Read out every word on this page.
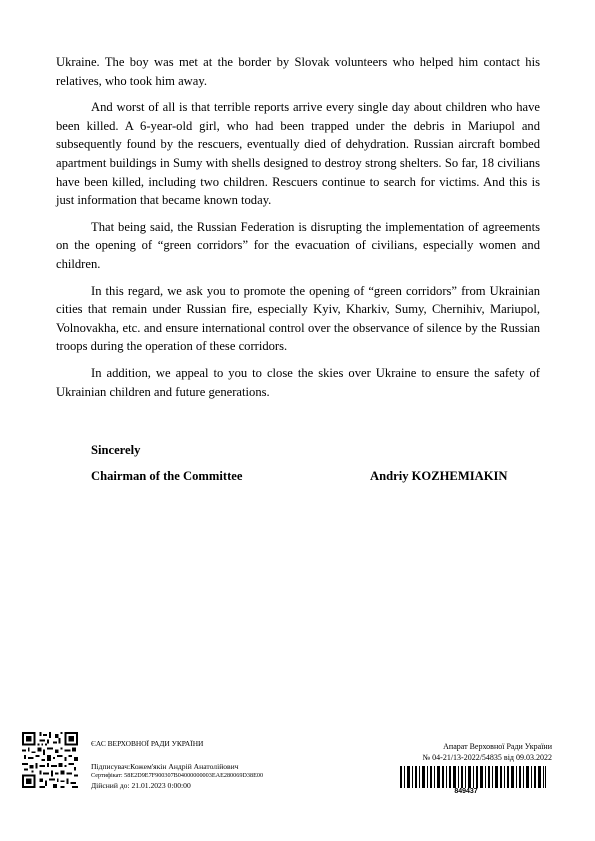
Ukraine. The boy was met at the border by Slovak volunteers who helped him contact his relatives, who took him away.

And worst of all is that terrible reports arrive every single day about children who have been killed. A 6-year-old girl, who had been trapped under the debris in Mariupol and subsequently found by the rescuers, eventually died of dehydration. Russian aircraft bombed apartment buildings in Sumy with shells designed to destroy strong shelters. So far, 18 civilians have been killed, including two children. Rescuers continue to search for victims. And this is just information that became known today.

That being said, the Russian Federation is disrupting the implementation of agreements on the opening of “green corridors” for the evacuation of civilians, especially women and children.

In this regard, we ask you to promote the opening of “green corridors” from Ukrainian cities that remain under Russian fire, especially Kyiv, Kharkiv, Sumy, Chernihiv, Mariupol, Volnovakha, etc. and ensure international control over the observance of silence by the Russian troops during the operation of these corridors.

In addition, we appeal to you to close the skies over Ukraine to ensure the safety of Ukrainian children and future generations.

Sincerely
Chairman of the Committee	Andriy KOZHEMIAKIN
ЄАС ВЕРХОВНОЇ РАДИ УКРАЇНИ
Підписувач:Кожем'якін Андрій Анатолійович
Сертифікат: 58E2D9E7F900307B04000000003EAE280069D38E00
Дійсний до: 21.01.2023 0:00:00
Апарат Верховної Ради України
№ 04-21/13-2022/54835 від 09.03.2022
849437
